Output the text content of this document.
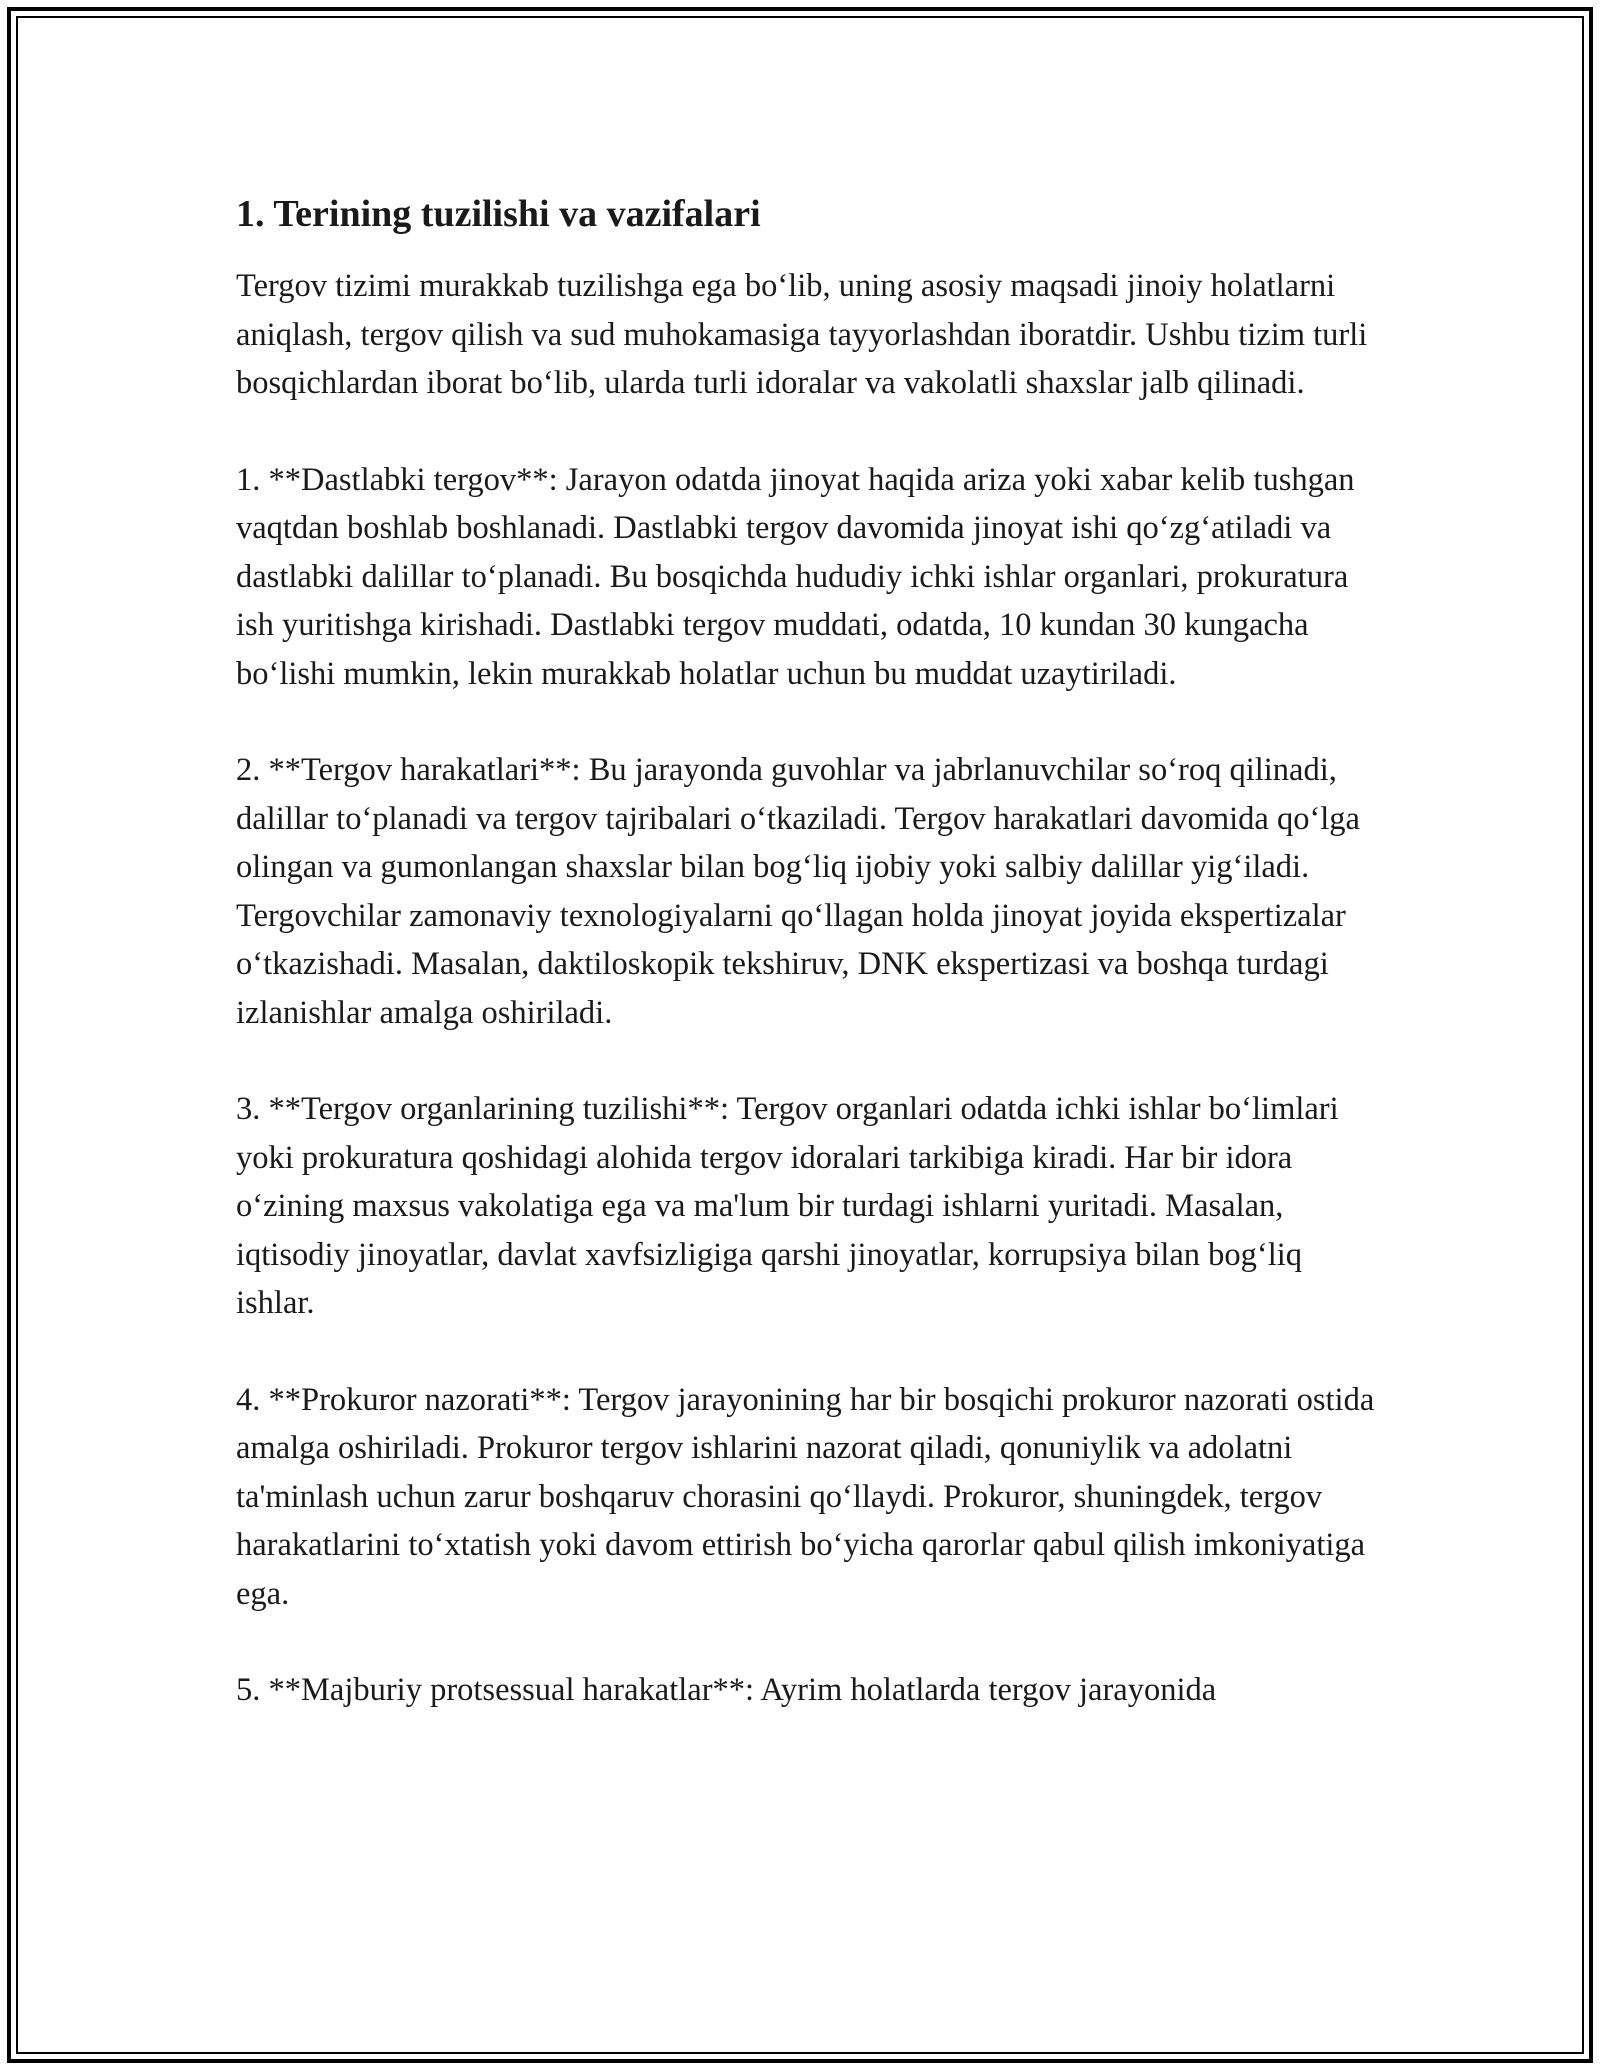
1. Terining tuzilishi va vazifalari

Tergov tizimi murakkab tuzilishga ega bo‘lib, uning asosiy maqsadi jinoiy holatlarni aniqlash, tergov qilish va sud muhokamasiga tayyorlashdan iboratdir. Ushbu tizim turli bosqichlardan iborat bo‘lib, ularda turli idoralar va vakolatli shaxslar jalb qilinadi.

1. **Dastlabki tergov**: Jarayon odatda jinoyat haqida ariza yoki xabar kelib tushgan vaqtdan boshlab boshlanadi. Dastlabki tergov davomida jinoyat ishi qo‘zg‘atiladi va dastlabki dalillar to‘planadi. Bu bosqichda hududiy ichki ishlar organlari, prokuratura ish yuritishga kirishadi. Dastlabki tergov muddati, odatda, 10 kundan 30 kungacha bo‘lishi mumkin, lekin murakkab holatlar uchun bu muddat uzaytiriladi.

2. **Tergov harakatlari**: Bu jarayonda guvohlar va jabrlanuvchilar so‘roq qilinadi, dalillar to‘planadi va tergov tajribalari o‘tkaziladi. Tergov harakatlari davomida qo‘lga olingan va gumonlangan shaxslar bilan bog‘liq ijobiy yoki salbiy dalillar yig‘iladi. Tergovchilar zamonaviy texnologiyalarni qo‘llagan holda jinoyat joyida ekspertizalar o‘tkazishadi. Masalan, daktiloskopik tekshiruv, DNK ekspertizasi va boshqa turdagi izlanishlar amalga oshiriladi.

3. **Tergov organlarining tuzilishi**: Tergov organlari odatda ichki ishlar bo‘limlari yoki prokuratura qoshidagi alohida tergov idoralari tarkibiga kiradi. Har bir idora o‘zining maxsus vakolatiga ega va ma'lum bir turdagi ishlarni yuritadi. Masalan, iqtisodiy jinoyatlar, davlat xavfsizligiga qarshi jinoyatlar, korrupsiya bilan bog‘liq ishlar.

4. **Prokuror nazorati**: Tergov jarayonining har bir bosqichi prokuror nazorati ostida amalga oshiriladi. Prokuror tergov ishlarini nazorat qiladi, qonuniylik va adolatni ta'minlash uchun zarur boshqaruv chorasini qo‘llaydi. Prokuror, shuningdek, tergov harakatlarini to‘xtatish yoki davom ettirish bo‘yicha qarorlar qabul qilish imkoniyatiga ega.

5. **Majburiy protsessual harakatlar**: Ayrim holatlarda tergov jarayonida
